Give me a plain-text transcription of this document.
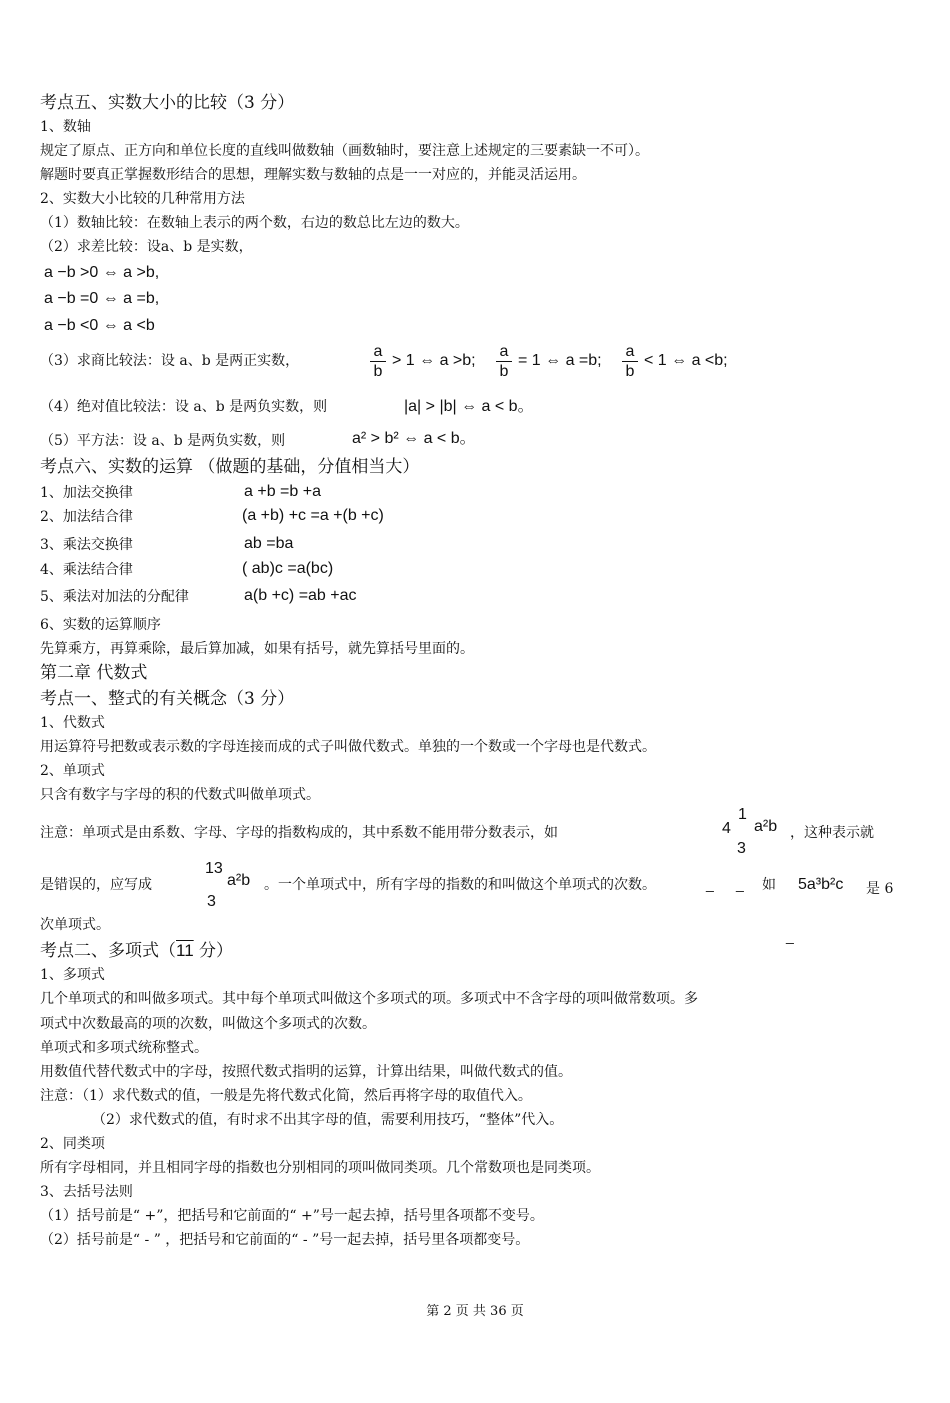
考点五、实数大小的比较（3 分）
1、数轴
规定了原点、正方向和单位长度的直线叫做数轴（画数轴时，要注意上述规定的三要素缺一不可）。
解题时要真正掌握数形结合的思想，理解实数与数轴的点是一一对应的，并能灵活运用。
2、实数大小比较的几种常用方法
（1）数轴比较：在数轴上表示的两个数，右边的数总比左边的数大。
（2）求差比较：设a、b 是实数，
a −b >0 ⇔ a >b,
a −b =0 ⇔ a =b,
a −b <0 ⇔ a <b
（3）求商比较法：设 a、b 是两正实数，	$\frac{a}{b} > 1$ ⇔ a >b; $\frac{a}{b} = 1$ ⇔ a =b; $\frac{a}{b} < 1$ ⇔ a <b;
（4）绝对值比较法：设 a、b 是两负实数，则	|a| > |b| ⇔ a < b。
（5）平方法：设 a、b 是两负实数，则	a² > b² ⇔ a < b。
考点六、实数的运算 （做题的基础，分值相当大）
1、加法交换律	a +b =b +a
2、加法结合律	(a +b) +c =a +(b +c)
3、乘法交换律	ab =ba
4、乘法结合律	( ab)c =a(bc)
5、乘法对加法的分配律	a(b +c) =ab +ac
6、实数的运算顺序
先算乘方，再算乘除，最后算加减，如果有括号，就先算括号里面的。
第二章 代数式
考点一、整式的有关概念（3 分）
1、代数式
用运算符号把数或表示数的字母连接而成的式子叫做代数式。单独的一个数或一个字母也是代数式。
2、单项式
只含有数字与字母的积的代数式叫做单项式。
注意：单项式是由系数、字母、字母的指数构成的，其中系数不能用带分数表示，如	4
1
3
a²b ，这种表示就
是错误的，应写成
13
3
a²b 。一个单项式中，所有字母的指数的和叫做这个单项式的次数。	_ _ 如 5a³b²c 是 6
次单项式。
考点二、多项式（11 分）
_
1、多项式
几个单项式的和叫做多项式。其中每个单项式叫做这个多项式的项。多项式中不含字母的项叫做常数项。多
项式中次数最高的项的次数，叫做这个多项式的次数。
单项式和多项式统称整式。
用数值代替代数式中的字母，按照代数式指明的运算，计算出结果，叫做代数式的值。
注意：（1）求代数式的值，一般是先将代数式化简，然后再将字母的取值代入。
（2）求代数式的值，有时求不出其字母的值，需要利用技巧，“整体”代入。
2、同类项
所有字母相同，并且相同字母的指数也分别相同的项叫做同类项。几个常数项也是同类项。
3、去括号法则
（1）括号前是“ +”，把括号和它前面的“ +”号一起去掉，括号里各项都不变号。
（2）括号前是“ - ” ，把括号和它前面的“ - ”号一起去掉，括号里各项都变号。
第 2 页 共 36 页
